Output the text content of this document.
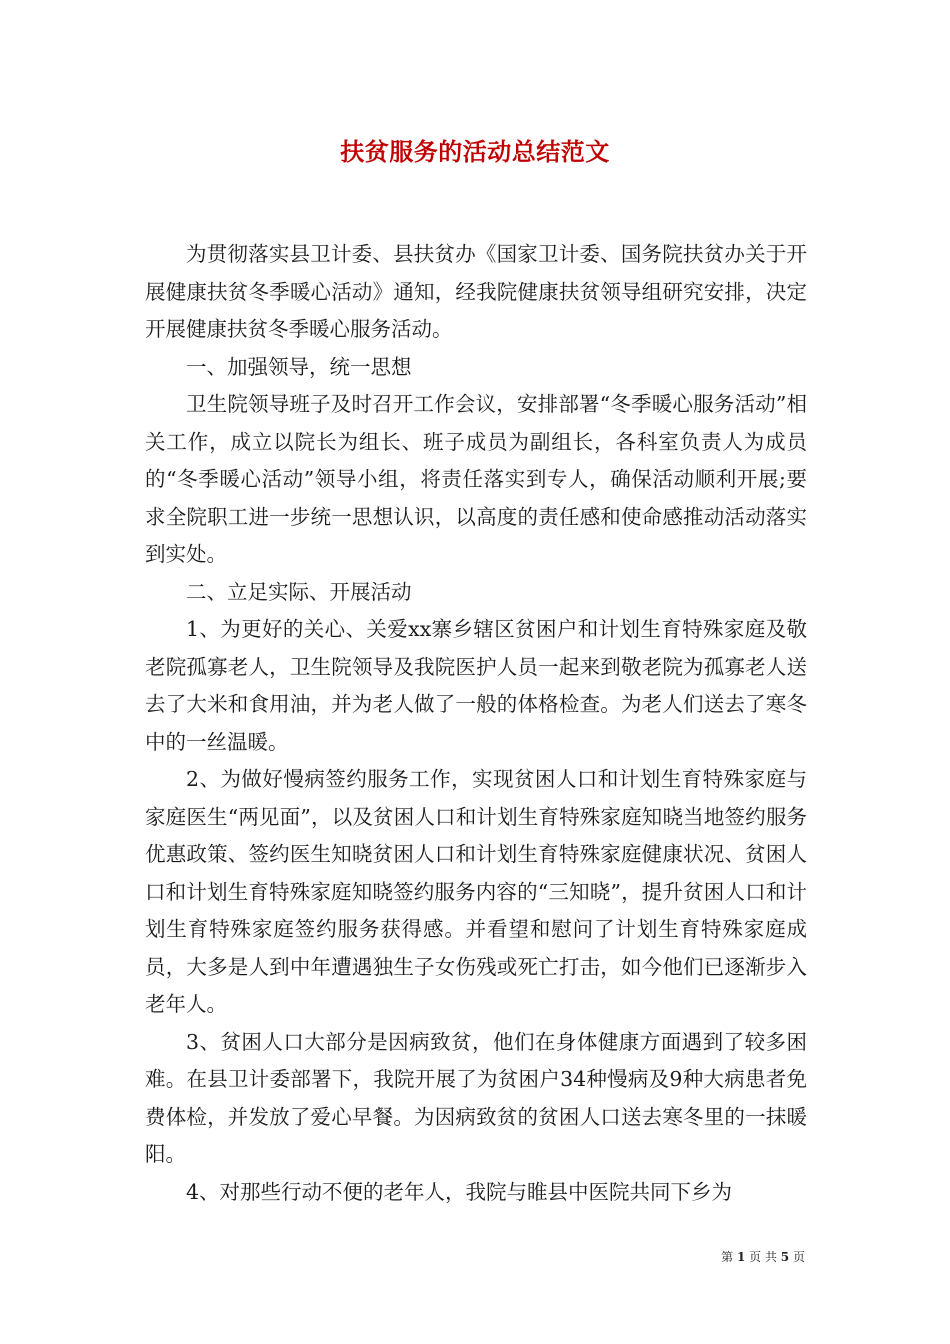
扶贫服务的活动总结范文

为贯彻落实县卫计委、县扶贫办《国家卫计委、国务院扶贫办关于开展健康扶贫冬季暖心活动》通知，经我院健康扶贫领导组研究安排，决定开展健康扶贫冬季暖心服务活动。

一、加强领导，统一思想

卫生院领导班子及时召开工作会议，安排部署“冬季暖心服务活动”相关工作，成立以院长为组长、班子成员为副组长，各科室负责人为成员的“冬季暖心活动”领导小组，将责任落实到专人，确保活动顺利开展;要求全院职工进一步统一思想认识，以高度的责任感和使命感推动活动落实到实处。

二、立足实际、开展活动

1、为更好的关心、关爱xx寨乡辖区贫困户和计划生育特殊家庭及敬老院孤寡老人，卫生院领导及我院医护人员一起来到敬老院为孤寡老人送去了大米和食用油，并为老人做了一般的体格检查。为老人们送去了寒冬中的一丝温暖。

2、为做好慢病签约服务工作，实现贫困人口和计划生育特殊家庭与家庭医生“两见面”，以及贫困人口和计划生育特殊家庭知晓当地签约服务优惠政策、签约医生知晓贫困人口和计划生育特殊家庭健康状况、贫困人口和计划生育特殊家庭知晓签约服务内容的“三知晓”，提升贫困人口和计划生育特殊家庭签约服务获得感。并看望和慰问了计划生育特殊家庭成员，大多是人到中年遭遇独生子女伤残或死亡打击，如今他们已逐渐步入老年人。

3、贫困人口大部分是因病致贫，他们在身体健康方面遇到了较多困难。在县卫计委部署下，我院开展了为贫困户34种慢病及9种大病患者免费体检，并发放了爱心早餐。为因病致贫的贫困人口送去寒冬里的一抹暖阳。

4、对那些行动不便的老年人，我院与睢县中医院共同下乡为

第 1 页 共 5 页
